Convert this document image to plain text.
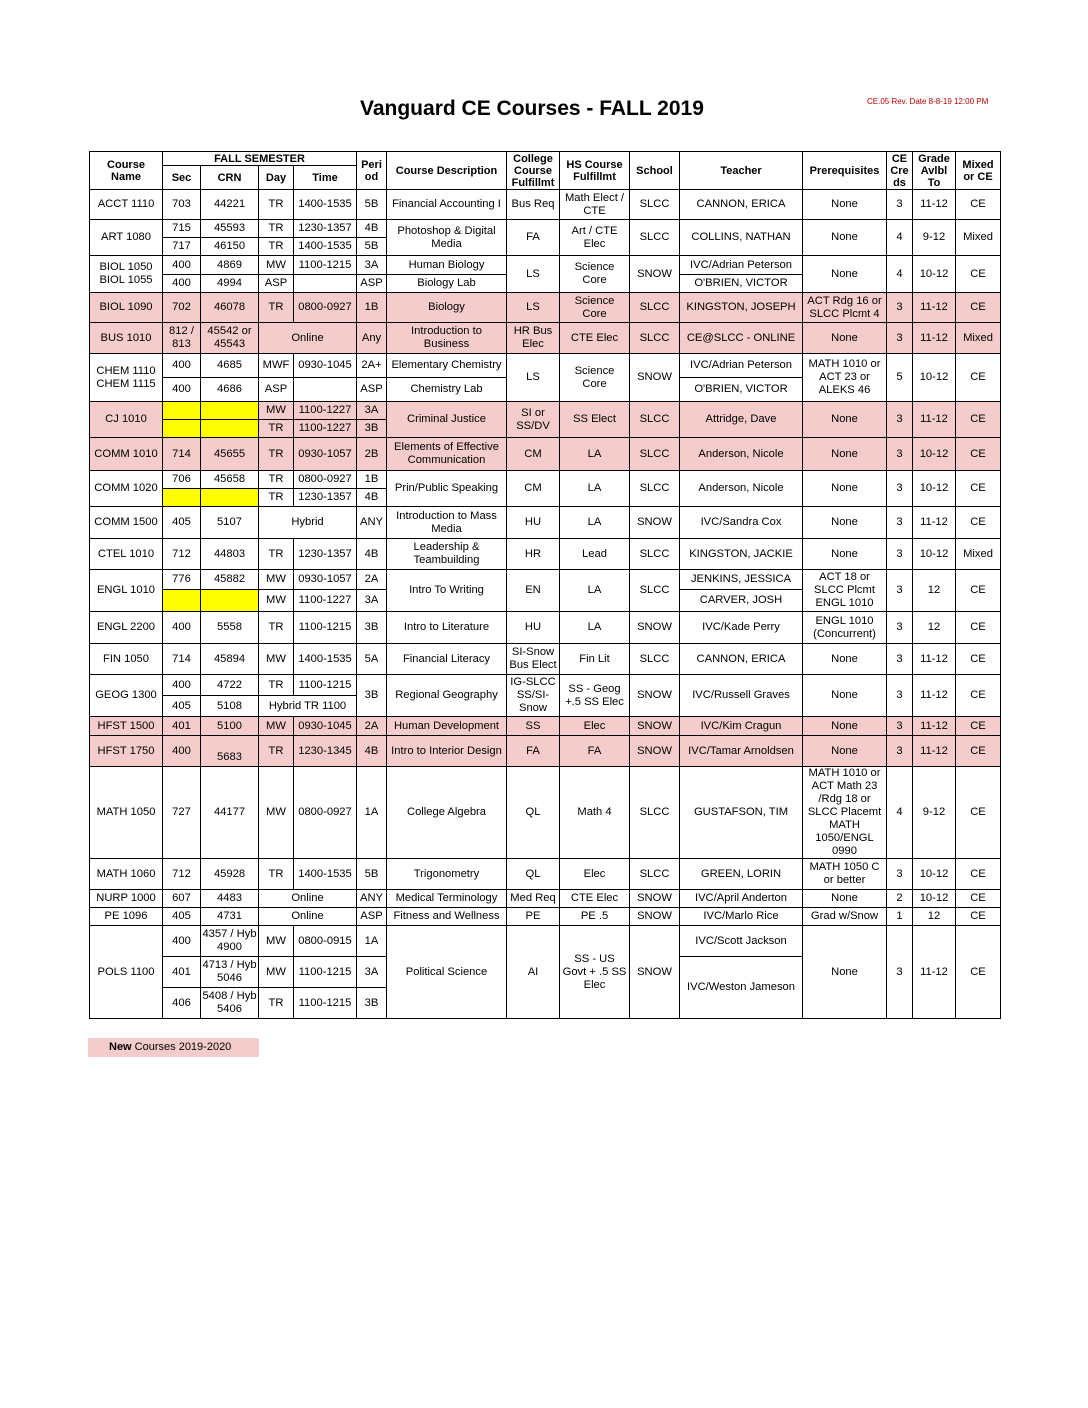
Vanguard CE Courses - FALL 2019	CE.05 Rev. Date 8-8-19 12:00 PM
Course Name	FALL SEMESTER				Peri od	Course Description	College Course Fulfillmt	HS Course Fulfillmt	School	Teacher	Prerequisites	CE Cre ds	Grade Avlbl To	Mixed or CE
	Sec	CRN	Day	Time										
ACCT 1110	703	44221	TR	1400-1535	5B	Financial Accounting I	Bus Req	Math Elect / CTE	SLCC	CANNON, ERICA	None	3	11-12	CE
ART 1080	715	45593	TR	1230-1357	4B	Photoshop & Digital Media	FA	Art / CTE Elec	SLCC	COLLINS, NATHAN	None	4	9-12	Mixed
	717	46150	TR	1400-1535	5B									
BIOL 1050 BIOL 1055	400	4869	MW	1100-1215	3A	Human Biology	LS	Science Core	SNOW	IVC/Adrian Peterson	None	4	10-12	CE
	400	4994	ASP		ASP	Biology Lab				O'BRIEN, VICTOR				
BIOL 1090	702	46078	TR	0800-0927	1B	Biology	LS	Science Core	SLCC	KINGSTON, JOSEPH	ACT Rdg 16 or SLCC Plcmt 4	3	11-12	CE
BUS 1010	812 / 813	45542 or 45543	Online		Any	Introduction to Business	HR Bus Elec	CTE Elec	SLCC	CE@SLCC - ONLINE	None	3	11-12	Mixed
CHEM 1110 CHEM 1115	400	4685	MWF	0930-1045	2A+	Elementary Chemistry	LS	Science Core	SNOW	IVC/Adrian Peterson	MATH 1010 or ACT 23 or ALEKS 46	5	10-12	CE
	400	4686	ASP		ASP	Chemistry Lab				O'BRIEN, VICTOR				
CJ 1010			MW	1100-1227	3A	Criminal Justice	SI or SS/DV	SS Elect	SLCC	Attridge, Dave	None	3	11-12	CE
			TR	1100-1227	3B									
COMM 1010	714	45655	TR	0930-1057	2B	Elements of Effective Communication	CM	LA	SLCC	Anderson, Nicole	None	3	10-12	CE
COMM 1020	706	45658	TR	0800-0927	1B	Prin/Public Speaking	CM	LA	SLCC	Anderson, Nicole	None	3	10-12	CE
			TR	1230-1357	4B									
COMM 1500	405	5107	Hybrid		ANY	Introduction to Mass Media	HU	LA	SNOW	IVC/Sandra Cox	None	3	11-12	CE
CTEL 1010	712	44803	TR	1230-1357	4B	Leadership & Teambuilding	HR	Lead	SLCC	KINGSTON, JACKIE	None	3	10-12	Mixed
ENGL 1010	776	45882	MW	0930-1057	2A	Intro To Writing	EN	LA	SLCC	JENKINS, JESSICA	ACT 18 or SLCC Plcmt ENGL 1010	3	12	CE
			MW	1100-1227	3A					CARVER, JOSH				
ENGL 2200	400	5558	TR	1100-1215	3B	Intro to Literature	HU	LA	SNOW	IVC/Kade Perry	ENGL 1010 (Concurrent)	3	12	CE
FIN 1050	714	45894	MW	1400-1535	5A	Financial Literacy	SI-Snow Bus Elect	Fin Lit	SLCC	CANNON, ERICA	None	3	11-12	CE
GEOG 1300	400	4722	TR	1100-1215	3B	Regional Geography	IG-SLCC SS/SI-Snow	SS - Geog +.5 SS Elec	SNOW	IVC/Russell Graves	None	3	11-12	CE
	405	5108	Hybrid TR 1100											
HFST 1500	401	5100	MW	0930-1045	2A	Human Development	SS	Elec	SNOW	IVC/Kim Cragun	None	3	11-12	CE
HFST 1750	400	5683	TR	1230-1345	4B	Intro to Interior Design	FA	FA	SNOW	IVC/Tamar Arnoldsen	None	3	11-12	CE
MATH 1050	727	44177	MW	0800-0927	1A	College Algebra	QL	Math 4	SLCC	GUSTAFSON, TIM	MATH 1010 or ACT Math 23 /Rdg 18 or SLCC Placemt MATH 1050/ENGL 0990	4	9-12	CE
MATH 1060	712	45928	TR	1400-1535	5B	Trigonometry	QL	Elec	SLCC	GREEN, LORIN	MATH 1050 C or better	3	10-12	CE
NURP 1000	607	4483	Online		ANY	Medical Terminology	Med Req	CTE Elec	SNOW	IVC/April Anderton	None	2	10-12	CE
PE 1096	405	4731	Online		ASP	Fitness and Wellness	PE	PE .5	SNOW	IVC/Marlo Rice	Grad w/Snow	1	12	CE
POLS 1100	400	4357 / Hyb 4900	MW	0800-0915	1A	Political Science	AI	SS - US Govt + .5 SS Elec	SNOW	IVC/Scott Jackson	None	3	11-12	CE
	401	4713 / Hyb 5046	MW	1100-1215	3A					IVC/Weston Jameson				
	406	5408 / Hyb 5406	TR	1100-1215	3B									
New Courses 2019-2020
